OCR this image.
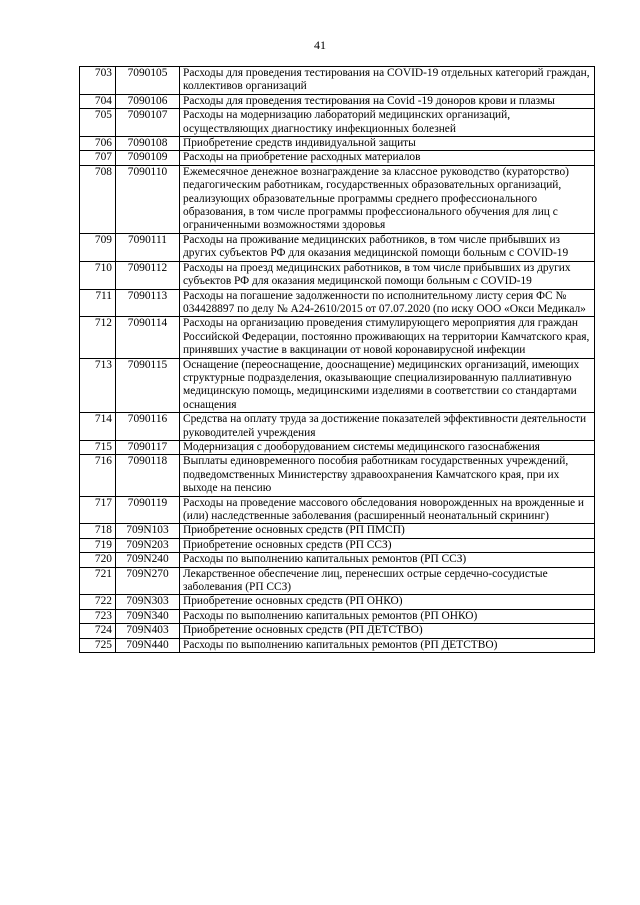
41
703	7090105	Расходы для проведения тестирования на COVID-19 отдельных категорий граждан, коллективов организаций
704	7090106	Расходы для проведения тестирования на Covid -19 доноров крови и плазмы
705	7090107	Расходы на модернизацию лабораторий медицинских организаций, осуществляющих диагностику инфекционных болезней
706	7090108	Приобретение средств индивидуальной защиты
707	7090109	Расходы на приобретение расходных материалов
708	7090110	Ежемесячное денежное вознаграждение за классное руководство (кураторство) педагогическим работникам, государственных образовательных организаций, реализующих образовательные программы среднего профессионального образования, в том числе программы профессионального обучения для лиц с ограниченными возможностями здоровья
709	7090111	Расходы на проживание медицинских работников, в том числе прибывших из других субъектов РФ для оказания медицинской помощи больным с COVID-19
710	7090112	Расходы на проезд медицинских работников, в том числе прибывших из других субъектов РФ для оказания медицинской помощи больным с COVID-19
711	7090113	Расходы на погашение задолженности по исполнительному листу серия ФС № 034428897 по делу № А24-2610/2015 от 07.07.2020 (по иску ООО «Окси Медикал»
712	7090114	Расходы на организацию проведения стимулирующего мероприятия для граждан Российской Федерации, постоянно проживающих на территории Камчатского края, принявших участие в вакцинации от новой коронавирусной инфекции
713	7090115	Оснащение (переоснащение, дооснащение) медицинских организаций, имеющих структурные подразделения, оказывающие специализированную паллиативную медицинскую помощь, медицинскими изделиями в соответствии со стандартами оснащения
714	7090116	Средства на оплату труда за достижение показателей эффективности деятельности руководителей учреждения
715	7090117	Модернизация с дооборудованием системы медицинского газоснабжения
716	7090118	Выплаты единовременного пособия работникам государственных учреждений, подведомственных Министерству здравоохранения Камчатского края, при их выходе на пенсию
717	7090119	Расходы на проведение массового обследования новорожденных на врожденные и (или) наследственные заболевания (расширенный неонатальный скрининг)
718	709N103	Приобретение основных средств (РП ПМСП)
719	709N203	Приобретение основных средств (РП ССЗ)
720	709N240	Расходы по выполнению капитальных ремонтов (РП ССЗ)
721	709N270	Лекарственное обеспечение лиц, перенесших острые сердечно-сосудистые заболевания (РП ССЗ)
722	709N303	Приобретение основных средств (РП ОНКО)
723	709N340	Расходы по выполнению капитальных ремонтов (РП ОНКО)
724	709N403	Приобретение основных средств (РП ДЕТСТВО)
725	709N440	Расходы по выполнению капитальных ремонтов (РП ДЕТСТВО)
